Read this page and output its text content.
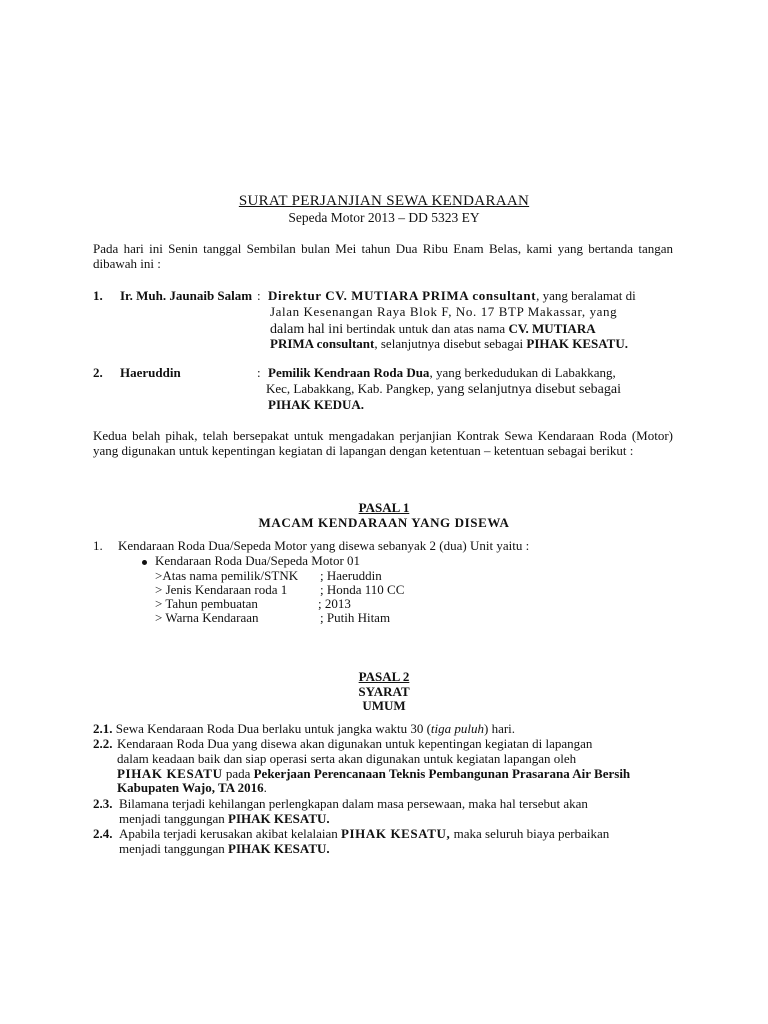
SURAT PERJANJIAN SEWA KENDARAAN
Sepeda Motor 2013 – DD 5323 EY
Pada hari ini Senin tanggal Sembilan bulan Mei tahun Dua Ribu Enam Belas, kami yang bertanda tangan dibawah ini :
1. Ir. Muh. Jaunaib Salam : Direktur CV. MUTIARA PRIMA consultant, yang beralamat di
Jalan Kesenangan Raya Blok F, No. 17 BTP Makassar, yang
dalam hal ini bertindak untuk dan atas nama CV. MUTIARA
PRIMA consultant, selanjutnya disebut sebagai PIHAK KESATU.
2. Haeruddin	: Pemilik Kendraan Roda Dua, yang berkedudukan di Labakkang,
Kec, Labakkang, Kab. Pangkep, yang selanjutnya disebut sebagai
PIHAK KEDUA.
Kedua belah pihak, telah bersepakat untuk mengadakan perjanjian Kontrak Sewa Kendaraan Roda (Motor) yang digunakan untuk kepentingan kegiatan di lapangan dengan ketentuan – ketentuan sebagai berikut :
PASAL 1
MACAM KENDARAAN YANG DISEWA
1. Kendaraan Roda Dua/Sepeda Motor yang disewa sebanyak 2 (dua) Unit yaitu :
Kendaraan Roda Dua/Sepeda Motor 01
>Atas nama pemilik/STNK ; Haeruddin
> Jenis Kendaraan roda 1	; Honda 110 CC
> Tahun pembuatan	; 2013
> Warna Kendaraan	; Putih Hitam
PASAL 2
SYARAT
UMUM
2.1. Sewa Kendaraan Roda Dua berlaku untuk jangka waktu 30 (tiga puluh) hari.
2.2. Kendaraan Roda Dua yang disewa akan digunakan untuk kepentingan kegiatan di lapangan
dalam keadaan baik dan siap operasi serta akan digunakan untuk kegiatan lapangan oleh
PIHAK KESATU pada Pekerjaan Perencanaan Teknis Pembangunan Prasarana Air Bersih
Kabupaten Wajo, TA 2016.
2.3. Bilamana terjadi kehilangan perlengkapan dalam masa persewaan, maka hal tersebut akan
menjadi tanggungan PIHAK KESATU.
2.4. Apabila terjadi kerusakan akibat kelalaian PIHAK KESATU, maka seluruh biaya perbaikan
menjadi tanggungan PIHAK KESATU.
